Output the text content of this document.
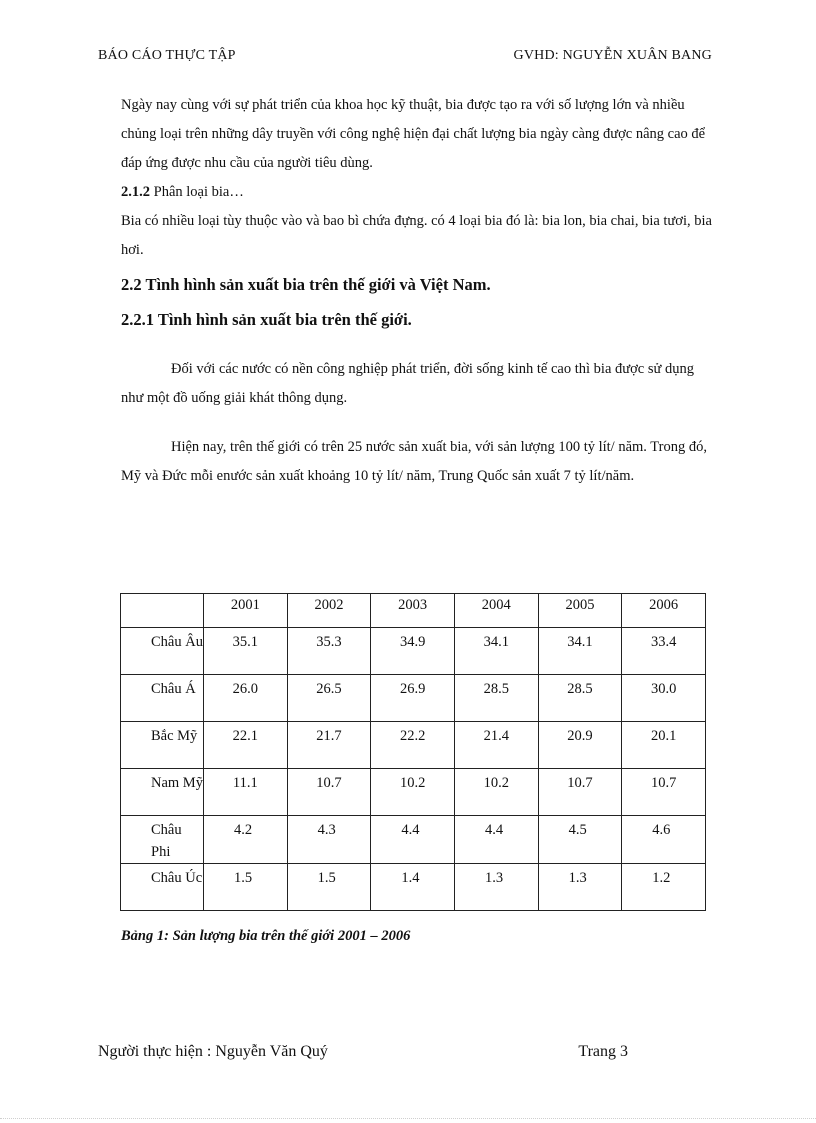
BÁO CÁO THỰC TẬP	GVHD: NGUYỄN XUÂN BANG
Ngày nay cùng với sự phát triển của khoa học kỹ thuật, bia được tạo ra với số lượng lớn và nhiều chủng loại trên những dây truyền với công nghệ hiện đại chất lượng bia ngày càng được nâng cao để đáp ứng được nhu cầu của người tiêu dùng.
2.1.2 Phân loại bia…
Bia có nhiều loại tùy thuộc vào và bao bì chứa đựng. có 4 loại bia đó là: bia lon, bia chai, bia tươi, bia hơi.
2.2 Tình hình sản xuất bia trên thế giới và Việt Nam.
2.2.1 Tình hình sản xuất bia trên thế giới.
Đối với các nước có nền công nghiệp phát triển, đời sống kinh tế cao thì bia được sử dụng như một đồ uống giải khát thông dụng.
Hiện nay, trên thế giới có trên 25 nước sản xuất bia, với sản lượng 100 tỷ lít/ năm. Trong đó, Mỹ và Đức mỗi enước sản xuất khoảng 10 tỷ lít/ năm, Trung Quốc sản xuất 7 tỷ lít/năm.
	2001	2002	2003	2004	2005	2006
Châu Âu	35.1	35.3	34.9	34.1	34.1	33.4
Châu Á	26.0	26.5	26.9	28.5	28.5	30.0
Bắc Mỹ	22.1	21.7	22.2	21.4	20.9	20.1
Nam Mỹ	11.1	10.7	10.2	10.2	10.7	10.7
Châu Phi	4.2	4.3	4.4	4.4	4.5	4.6
Châu Úc	1.5	1.5	1.4	1.3	1.3	1.2
Bảng 1: Sản lượng bia trên thế giới 2001 – 2006
Người thực hiện : Nguyễn Văn Quý	Trang 3
